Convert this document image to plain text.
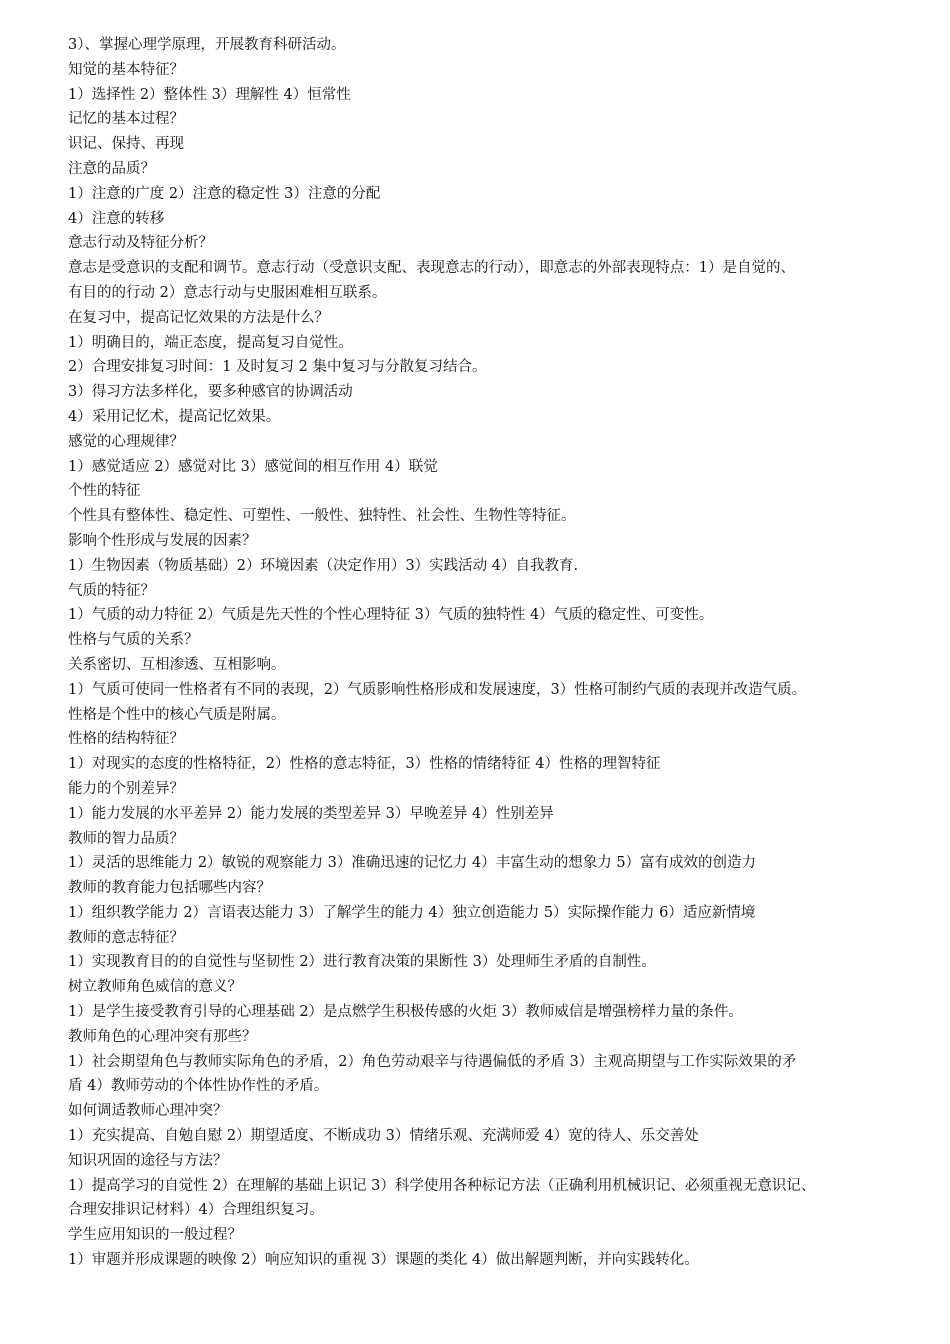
3）、掌握心理学原理，开展教育科研活动。
知觉的基本特征？
1）选择性 2）整体性 3）理解性 4）恒常性
记忆的基本过程？
识记、保持、再现
注意的品质？
1）注意的广度 2）注意的稳定性 3）注意的分配
4）注意的转移
意志行动及特征分析？
意志是受意识的支配和调节。意志行动（受意识支配、表现意志的行动），即意志的外部表现特点：1）是自觉的、
有目的的行动 2）意志行动与史服困难相互联系。
在复习中，提高记忆效果的方法是什么？
1）明确目的，端正态度，提高复习自觉性。
2）合理安排复习时间：1 及时复习 2 集中复习与分散复习结合。
3）得习方法多样化，要多种感官的协调活动
4）采用记忆术，提高记忆效果。
感觉的心理规律？
1）感觉适应 2）感觉对比 3）感觉间的相互作用 4）联觉
个性的特征
个性具有整体性、稳定性、可塑性、一般性、独特性、社会性、生物性等特征。
影响个性形成与发展的因素？
1）生物因素（物质基础）2）环境因素（决定作用）3）实践活动 4）自我教育.
气质的特征？
1）气质的动力特征 2）气质是先天性的个性心理特征 3）气质的独特性 4）气质的稳定性、可变性。
性格与气质的关系？
关系密切、互相渗透、互相影响。
1）气质可使同一性格者有不同的表现，2）气质影响性格形成和发展速度，3）性格可制约气质的表现并改造气质。
性格是个性中的核心气质是附属。
性格的结构特征？
1）对现实的态度的性格特征，2）性格的意志特征，3）性格的情绪特征 4）性格的理智特征
能力的个别差异？
1）能力发展的水平差异 2）能力发展的类型差异 3）早晚差异 4）性别差异
教师的智力品质？
1）灵活的思维能力 2）敏锐的观察能力 3）准确迅速的记忆力 4）丰富生动的想象力 5）富有成效的创造力
教师的教育能力包括哪些内容？
1）组织教学能力 2）言语表达能力 3）了解学生的能力 4）独立创造能力 5）实际操作能力 6）适应新情境
教师的意志特征？
1）实现教育目的的自觉性与坚韧性 2）进行教育决策的果断性 3）处理师生矛盾的自制性。
树立教师角色威信的意义？
1）是学生接受教育引导的心理基础 2）是点燃学生积极传感的火炬 3）教师威信是增强榜样力量的条件。
教师角色的心理冲突有那些？
1）社会期望角色与教师实际角色的矛盾，2）角色劳动艰辛与待遇偏低的矛盾 3）主观高期望与工作实际效果的矛
盾 4）教师劳动的个体性协作性的矛盾。
如何调适教师心理冲突？
1）充实提高、自勉自慰 2）期望适度、不断成功 3）情绪乐观、充满师爱 4）宽的待人、乐交善处
知识巩固的途径与方法？
1）提高学习的自觉性 2）在理解的基础上识记 3）科学使用各种标记方法（正确利用机械识记、必须重视无意识记、
合理安排识记材料）4）合理组织复习。
学生应用知识的一般过程？
1）审题并形成课题的映像 2）响应知识的重视 3）课题的类化 4）做出解题判断，并向实践转化。
